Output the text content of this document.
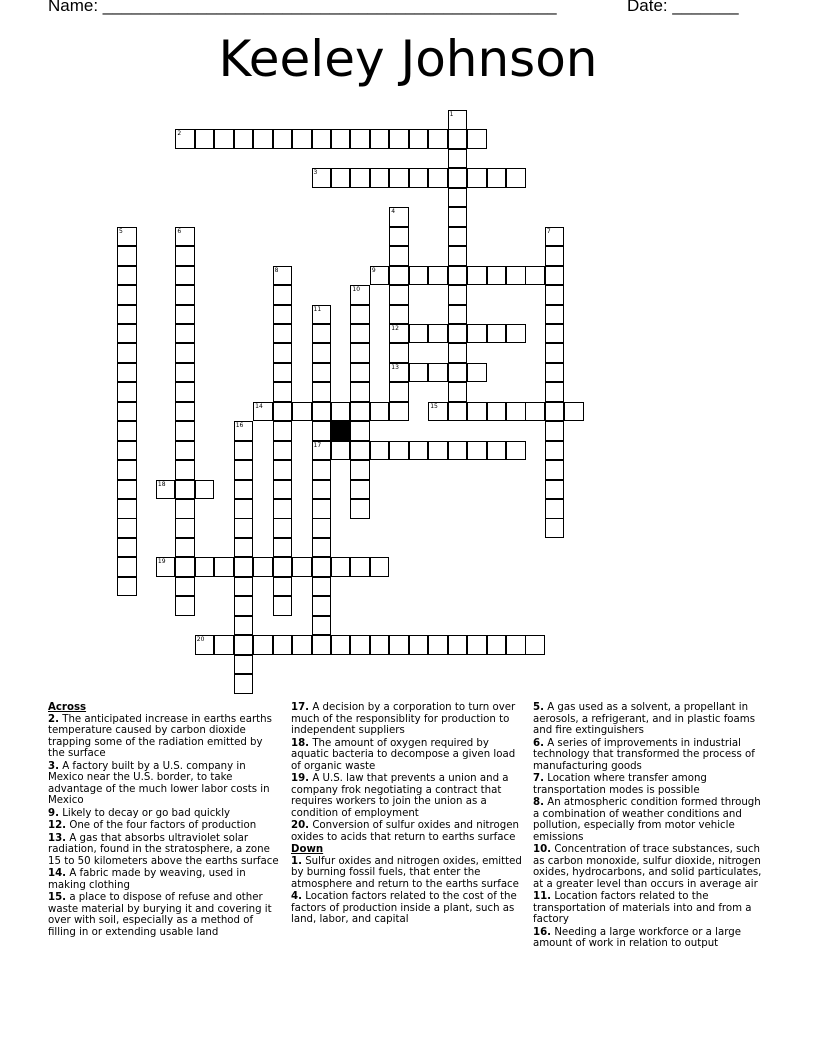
Name: ________________________________________________	Date: _______
Keeley Johnson
1
2
3
4
12
13
5	6	7
8	9
10
11
17
14	15
16
18
19
20

Across

2. The anticipated increase in earths earths temperature caused by carbon dioxide trapping some of the radiation emitted by the surface
3. A factory built by a U.S. company in Mexico near the U.S. border, to take advantage of the much lower labor costs in Mexico
9. Likely to decay or go bad quickly
12. One of the four factors of production
13. A gas that absorbs ultraviolet solar radiation, found in the stratosphere, a zone 15 to 50 kilometers above the earths surface
14. A fabric made by weaving, used in making clothing
15. a place to dispose of refuse and other waste material by burying it and covering it over with soil, especially as a method of filling in or extending usable land
17. A decision by a corporation to turn over much of the responsiblity for production to independent suppliers
18. The amount of oxygen required by aquatic bacteria to decompose a given load of organic waste
19. A U.S. law that prevents a union and a company frok negotiating a contract that requires workers to join the union as a condition of employment
20. Conversion of sulfur oxides and nitrogen oxides to acids that return to earths surface

Down

1. Sulfur oxides and nitrogen oxides, emitted by burning fossil fuels, that enter the atmosphere and return to the earths surface
4. Location factors related to the cost of the factors of production inside a plant, such as land, labor, and capital
5. A gas used as a solvent, a propellant in aerosols, a refrigerant, and in plastic foams and fire extinguishers
6. A series of improvements in industrial technology that transformed the process of manufacturing goods
7. Location where transfer among transportation modes is possible
8. An atmospheric condition formed through a combination of weather conditions and pollution, especially from motor vehicle emissions
10. Concentration of trace substances, such as carbon monoxide, sulfur dioxide, nitrogen oxides, hydrocarbons, and solid particulates, at a greater level than occurs in average air
11. Location factors related to the transportation of materials into and from a factory
16. Needing a large workforce or a large amount of work in relation to output
